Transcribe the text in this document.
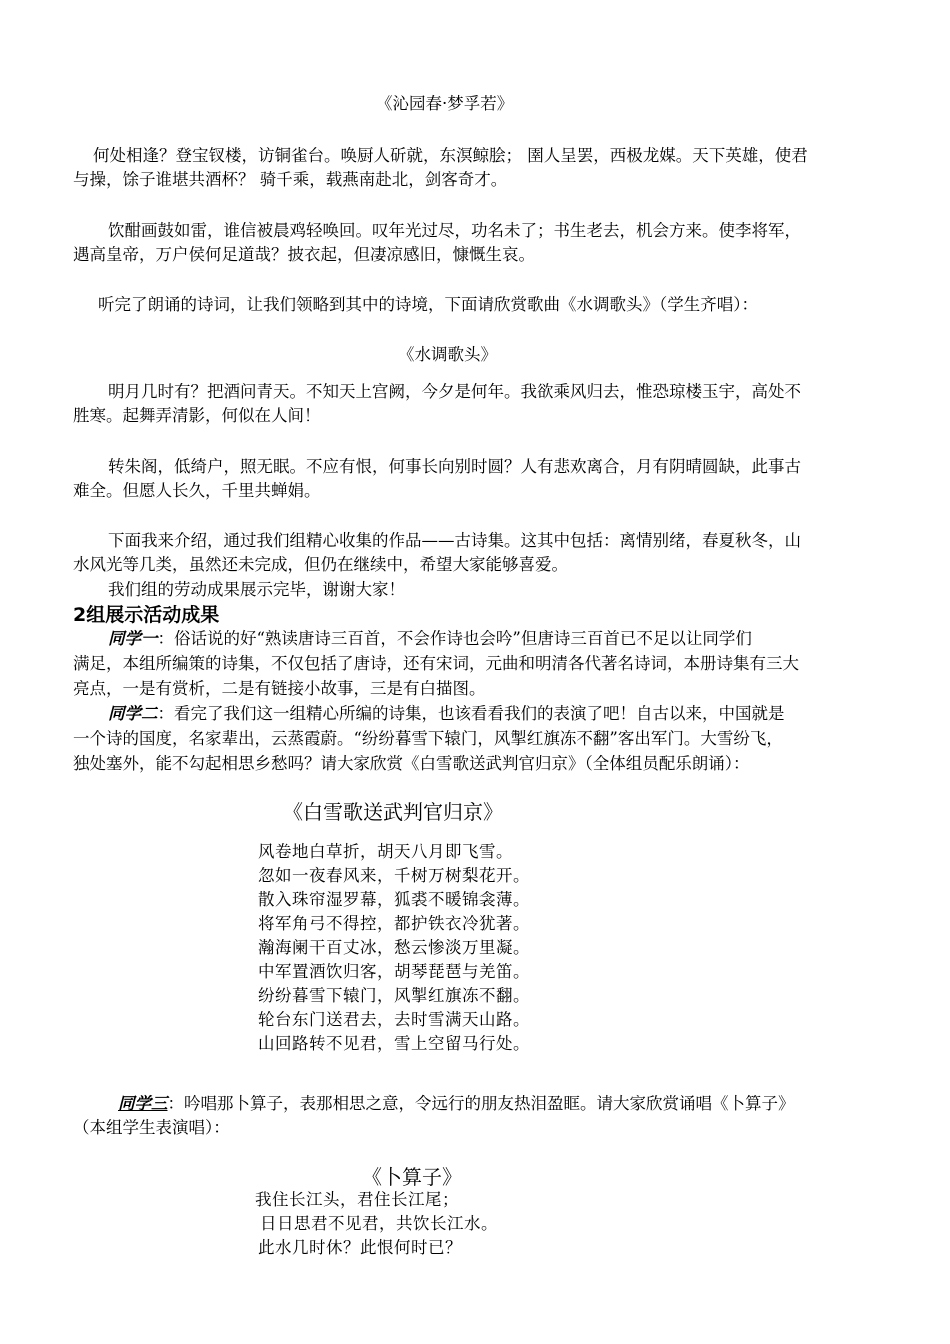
《沁园春·梦孚若》
何处相逢？登宝钗楼，访铜雀台。唤厨人斫就，东溟鲸脍； 圉人呈罢，西极龙媒。天下英雄，使君
与操，馀子谁堪共酒杯？ 骑千乘，载燕南赴北，剑客奇才。
饮酣画鼓如雷，谁信被晨鸡轻唤回。叹年光过尽，功名未了；书生老去，机会方来。使李将军，
遇高皇帝，万户侯何足道哉？披衣起，但凄凉感旧，慷慨生哀。
听完了朗诵的诗词，让我们领略到其中的诗境，下面请欣赏歌曲《水调歌头》（学生齐唱）：
《水调歌头》
明月几时有？把酒问青天。不知天上宫阙，今夕是何年。我欲乘风归去，惟恐琼楼玉宇，高处不
胜寒。起舞弄清影，何似在人间！
转朱阁，低绮户，照无眠。不应有恨，何事长向别时圆？人有悲欢离合，月有阴晴圆缺，此事古
难全。但愿人长久，千里共蝉娟。
下面我来介绍，通过我们组精心收集的作品——古诗集。这其中包括：离情别绪，春夏秋冬，山
水风光等几类，虽然还未完成，但仍在继续中，希望大家能够喜爱。
我们组的劳动成果展示完毕，谢谢大家！
2组展示活动成果
同学一：俗话说的好“熟读唐诗三百首，不会作诗也会吟”但唐诗三百首已不足以让同学们
满足，本组所编策的诗集，不仅包括了唐诗，还有宋词，元曲和明清各代著名诗词，本册诗集有三大
亮点，一是有赏析，二是有链接小故事，三是有白描图。
同学二：看完了我们这一组精心所编的诗集，也该看看我们的表演了吧！自古以来，中国就是
一个诗的国度，名家辈出，云蒸霞蔚。“纷纷暮雪下辕门，风掣红旗冻不翻”客出军门。大雪纷飞，
独处塞外，能不勾起相思乡愁吗？请大家欣赏《白雪歌送武判官归京》（全体组员配乐朗诵）：
《白雪歌送武判官归京》
风卷地白草折，胡天八月即飞雪。
忽如一夜春风来，千树万树梨花开。
散入珠帘湿罗幕，狐裘不暖锦衾薄。
将军角弓不得控，都护铁衣冷犹著。
瀚海阑干百丈冰，愁云惨淡万里凝。
中军置酒饮归客，胡琴琵琶与羌笛。
纷纷暮雪下辕门，风掣红旗冻不翻。
轮台东门送君去，去时雪满天山路。
山回路转不见君，雪上空留马行处。
同学三：吟唱那卜算子，表那相思之意，令远行的朋友热泪盈眶。请大家欣赏诵唱《卜算子》
（本组学生表演唱）：
《卜算子》
我住长江头，君住长江尾；
日日思君不见君，共饮长江水。
此水几时休？此恨何时已？
